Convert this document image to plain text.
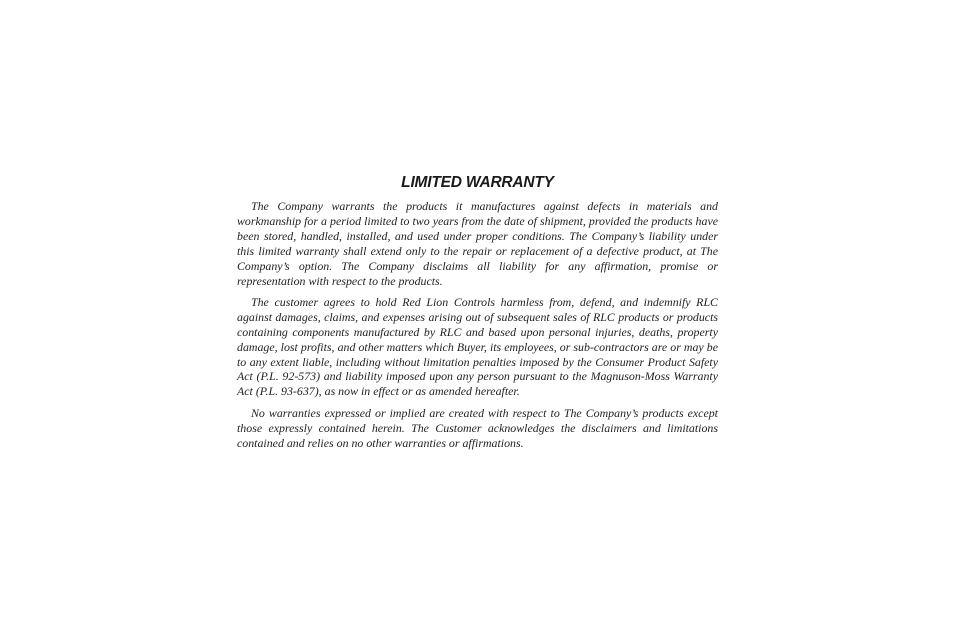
LIMITED WARRANTY

The Company warrants the products it manufactures against defects in materials and workmanship for a period limited to two years from the date of shipment, provided the products have been stored, handled, installed, and used under proper conditions. The Company’s liability under this limited warranty shall extend only to the repair or replacement of a defective product, at The Company’s option. The Company disclaims all liability for any affirmation, promise or representation with respect to the products.

The customer agrees to hold Red Lion Controls harmless from, defend, and indemnify RLC against damages, claims, and expenses arising out of subsequent sales of RLC products or products containing components manufactured by RLC and based upon personal injuries, deaths, property damage, lost profits, and other matters which Buyer, its employees, or sub-contractors are or may be to any extent liable, including without limitation penalties imposed by the Consumer Product Safety Act (P.L. 92-573) and liability imposed upon any person pursuant to the Magnuson-Moss Warranty Act (P.L. 93-637), as now in effect or as amended hereafter.

No warranties expressed or implied are created with respect to The Company’s products except those expressly contained herein. The Customer acknowledges the disclaimers and limitations contained and relies on no other warranties or affirmations.
